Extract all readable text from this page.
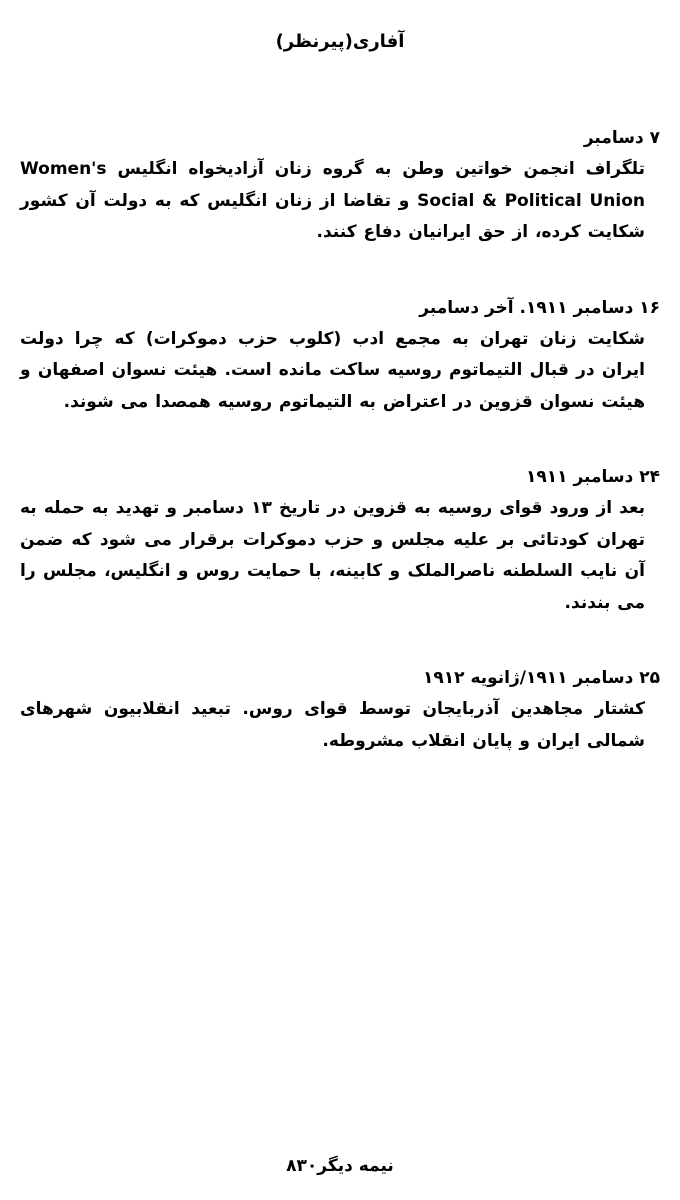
آفاری(پیرنظر)
۷ دسامبر
تلگراف انجمن خواتین وطن به گروه زنان آزادیخواه انگلیس Women's Social & Political Union و تقاضا از زنان انگلیس که به دولت آن کشور شکایت کرده، از حق ایرانیان دفاع کنند.
۱۶ دسامبر ۱۹۱۱. آخر دسامبر
شکایت زنان تهران به مجمع ادب (کلوب حزب دموکرات) که چرا دولت ایران در قبال التیماتوم روسیه ساکت مانده است. هیئت نسوان اصفهان و هیئت نسوان قزوین در اعتراض به التیماتوم روسیه همصدا می شوند.
۲۴ دسامبر ۱۹۱۱
بعد از ورود قوای روسیه به قزوین در تاریخ ۱۳ دسامبر و تهدید به حمله به تهران کودتائی بر علیه مجلس و حزب دموکرات برقرار می شود که ضمن آن نایب السلطنه ناصرالملک و کابینه، با حمایت روس و انگلیس، مجلس را می بندند.
۲۵ دسامبر ۱۹۱۱/ژانویه ۱۹۱۲
کشتار مجاهدین آذربایجان توسط قوای روس. تبعید انقلابیون شهرهای شمالی ایران و پایان انقلاب مشروطه.
نیمه دیگر۸۳٠
